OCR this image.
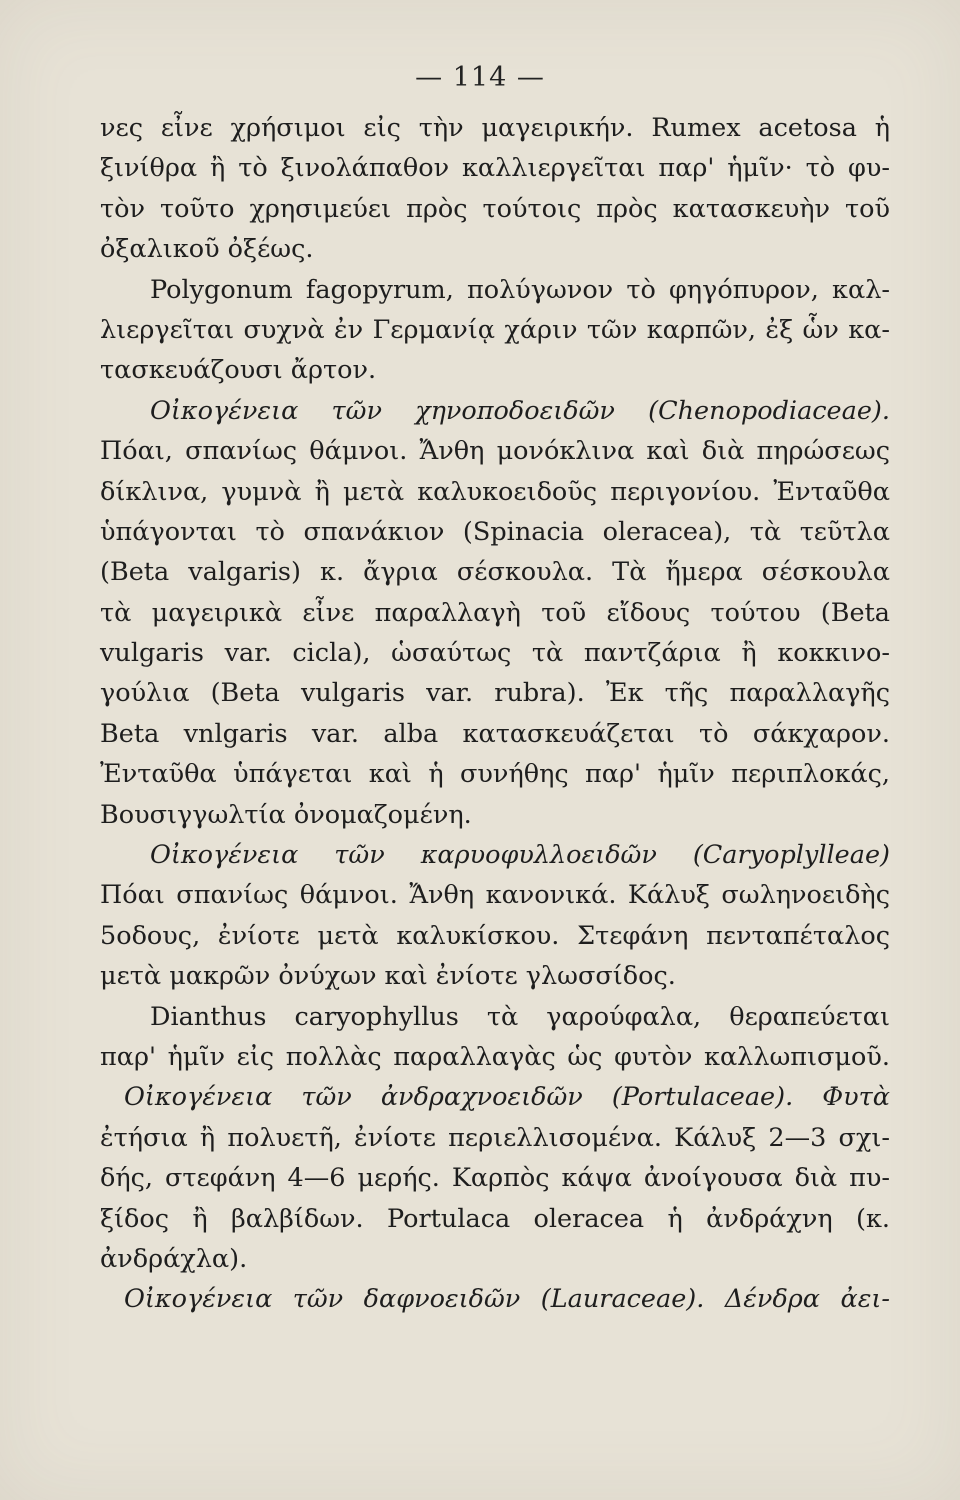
— 114 —
νες εἶνε χρήσιμοι εἰς τὴν μαγειρικήν. Rumex acetosa ἡ
ξινίθρα ἢ τὸ ξινολάπαθον καλλιεργεῖται παρ' ἡμῖν· τὸ φυ-
τὸν τοῦτο χρησιμεύει πρὸς τούτοις πρὸς κατασκευὴν τοῦ
ὀξαλικοῦ ὀξέως.
Polygonum fagopyrum, πολύγωνον τὸ φηγόπυρον, καλ-
λιεργεῖται συχνὰ ἐν Γερμανίᾳ χάριν τῶν καρπῶν, ἐξ ὧν κα-
τασκευάζουσι ἄρτον.
Οἰκογένεια τῶν χηνοποδοειδῶν (Chenopodiaceae).
Πόαι, σπανίως θάμνοι. Ἄνθη μονόκλινα καὶ διὰ πηρώσεως
δίκλινα, γυμνὰ ἢ μετὰ καλυκοειδοῦς περιγονίου. Ἐνταῦθα
ὑπάγονται τὸ σπανάκιον (Spinacia oleracea), τὰ τεῦτλα
(Beta valgaris) κ. ἄγρια σέσκουλα. Τὰ ἥμερα σέσκουλα
τὰ μαγειρικὰ εἶνε παραλλαγὴ τοῦ εἴδους τούτου (Beta
vulgaris var. cicla), ὡσαύτως τὰ παντζάρια ἢ κοκκινο-
γούλια (Beta vulgaris var. rubra). Ἐκ τῆς παραλλαγῆς
Beta vnlgaris var. alba κατασκευάζεται τὸ σάκχαρον.
Ἐνταῦθα ὑπάγεται καὶ ἡ συνήθης παρ' ἡμῖν περιπλοκάς,
Βουσιγγωλτία ὀνομαζομένη.
Οἰκογένεια τῶν καρυοφυλλοειδῶν (Caryoplylleae)
Πόαι σπανίως θάμνοι. Ἄνθη κανονικά. Κάλυξ σωληνοειδὴς
5οδους, ἐνίοτε μετὰ καλυκίσκου. Στεφάνη πενταπέταλος
μετὰ μακρῶν ὀνύχων καὶ ἐνίοτε γλωσσίδος.
Dianthus caryophyllus τὰ γαρούφαλα, θεραπεύεται
παρ' ἡμῖν εἰς πολλὰς παραλλαγὰς ὡς φυτὸν καλλωπισμοῦ.
Οἰκογένεια τῶν ἀνδραχνοειδῶν (Portulaceae). Φυτὰ
ἐτήσια ἢ πολυετῆ, ἐνίοτε περιελλισομένα. Κάλυξ 2—3 σχι-
δής, στεφάνη 4—6 μερής. Καρπὸς κάψα ἀνοίγουσα διὰ πυ-
ξίδος ἢ βαλβίδων. Portulaca oleracea ἡ ἀνδράχνη (κ.
ἀνδράχλα).
Οἰκογένεια τῶν δαφνοειδῶν (Lauraceae). Δένδρα ἀει-
